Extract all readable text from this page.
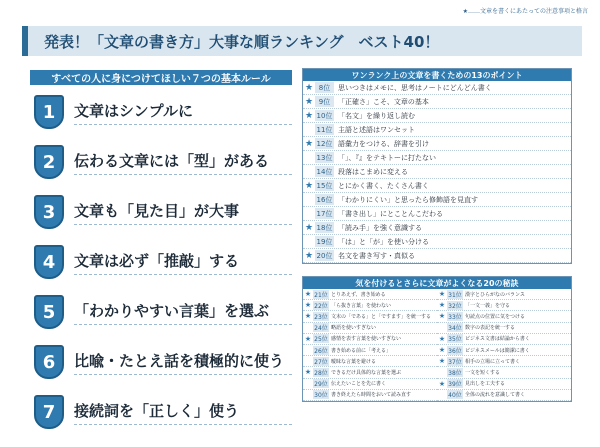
★……文章を書くにあたっての注意事項と格言
発表！「文章の書き方」大事な順ランキング　ベスト40！
すべての人に身につけてほしい７つの基本ルール
1	文章はシンプルに
2	伝わる文章には「型」がある
3	文章も「見た目」が大事
4	文章は必ず「推敲」する
5	「わかりやすい言葉」を選ぶ
6	比喩・たとえ話を積極的に使う
7	接続詞を「正しく」使う
ワンランク上の文章を書くための13のポイント
★ 8位	思いつきはメモに、思考はノートにどんどん書く
★ 9位	「正確さ」こそ、文章の基本
★ 10位 「名文」を繰り返し読む
11位 主語と述語はワンセット
★ 12位 語彙力をつける、辞書を引け
13位 「」、『』をテキトーに打たない
14位 段落はこまめに変える
★ 15位 とにかく書く、たくさん書く
16位 「わかりにくい」と思ったら修飾語を見直す
17位 「書き出し」にとことんこだわる
★ 18位 「読み手」を強く意識する
19位 「は」と「が」を使い分ける
★ 20位 名文を書き写す・真似る
気を付けるとさらに文章がよくなる20の秘訣
★ 21位 とりあえず、書き始める
★ 22位 「ら抜き言葉」を使わない
★ 23位 文末の「である」と「ですます」を統一する
24位 略語を使いすぎない
★ 25位 感情を表す言葉を使いすぎない
26位 書き始める前に「考える」
27位 曖昧な言葉を避ける
★ 28位 できるだけ具体的な言葉を選ぶ
29位 伝えたいことを先に書く
30位 書き終えたら時間をおいて読み直す
★ 31位 漢字とひらがなのバランス
★ 32位 「一文一義」を守る
★ 33位 句読点の位置に気をつける
34位 数字の表記を統一する
★ 35位 ビジネス文書は結論から書く
★ 36位 ビジネスメールは簡潔に書く
★ 37位 相手の立場に立って書く
38位 一文を短くする
★ 39位 見出しを工夫する
40位 全体の流れを意識して書く
